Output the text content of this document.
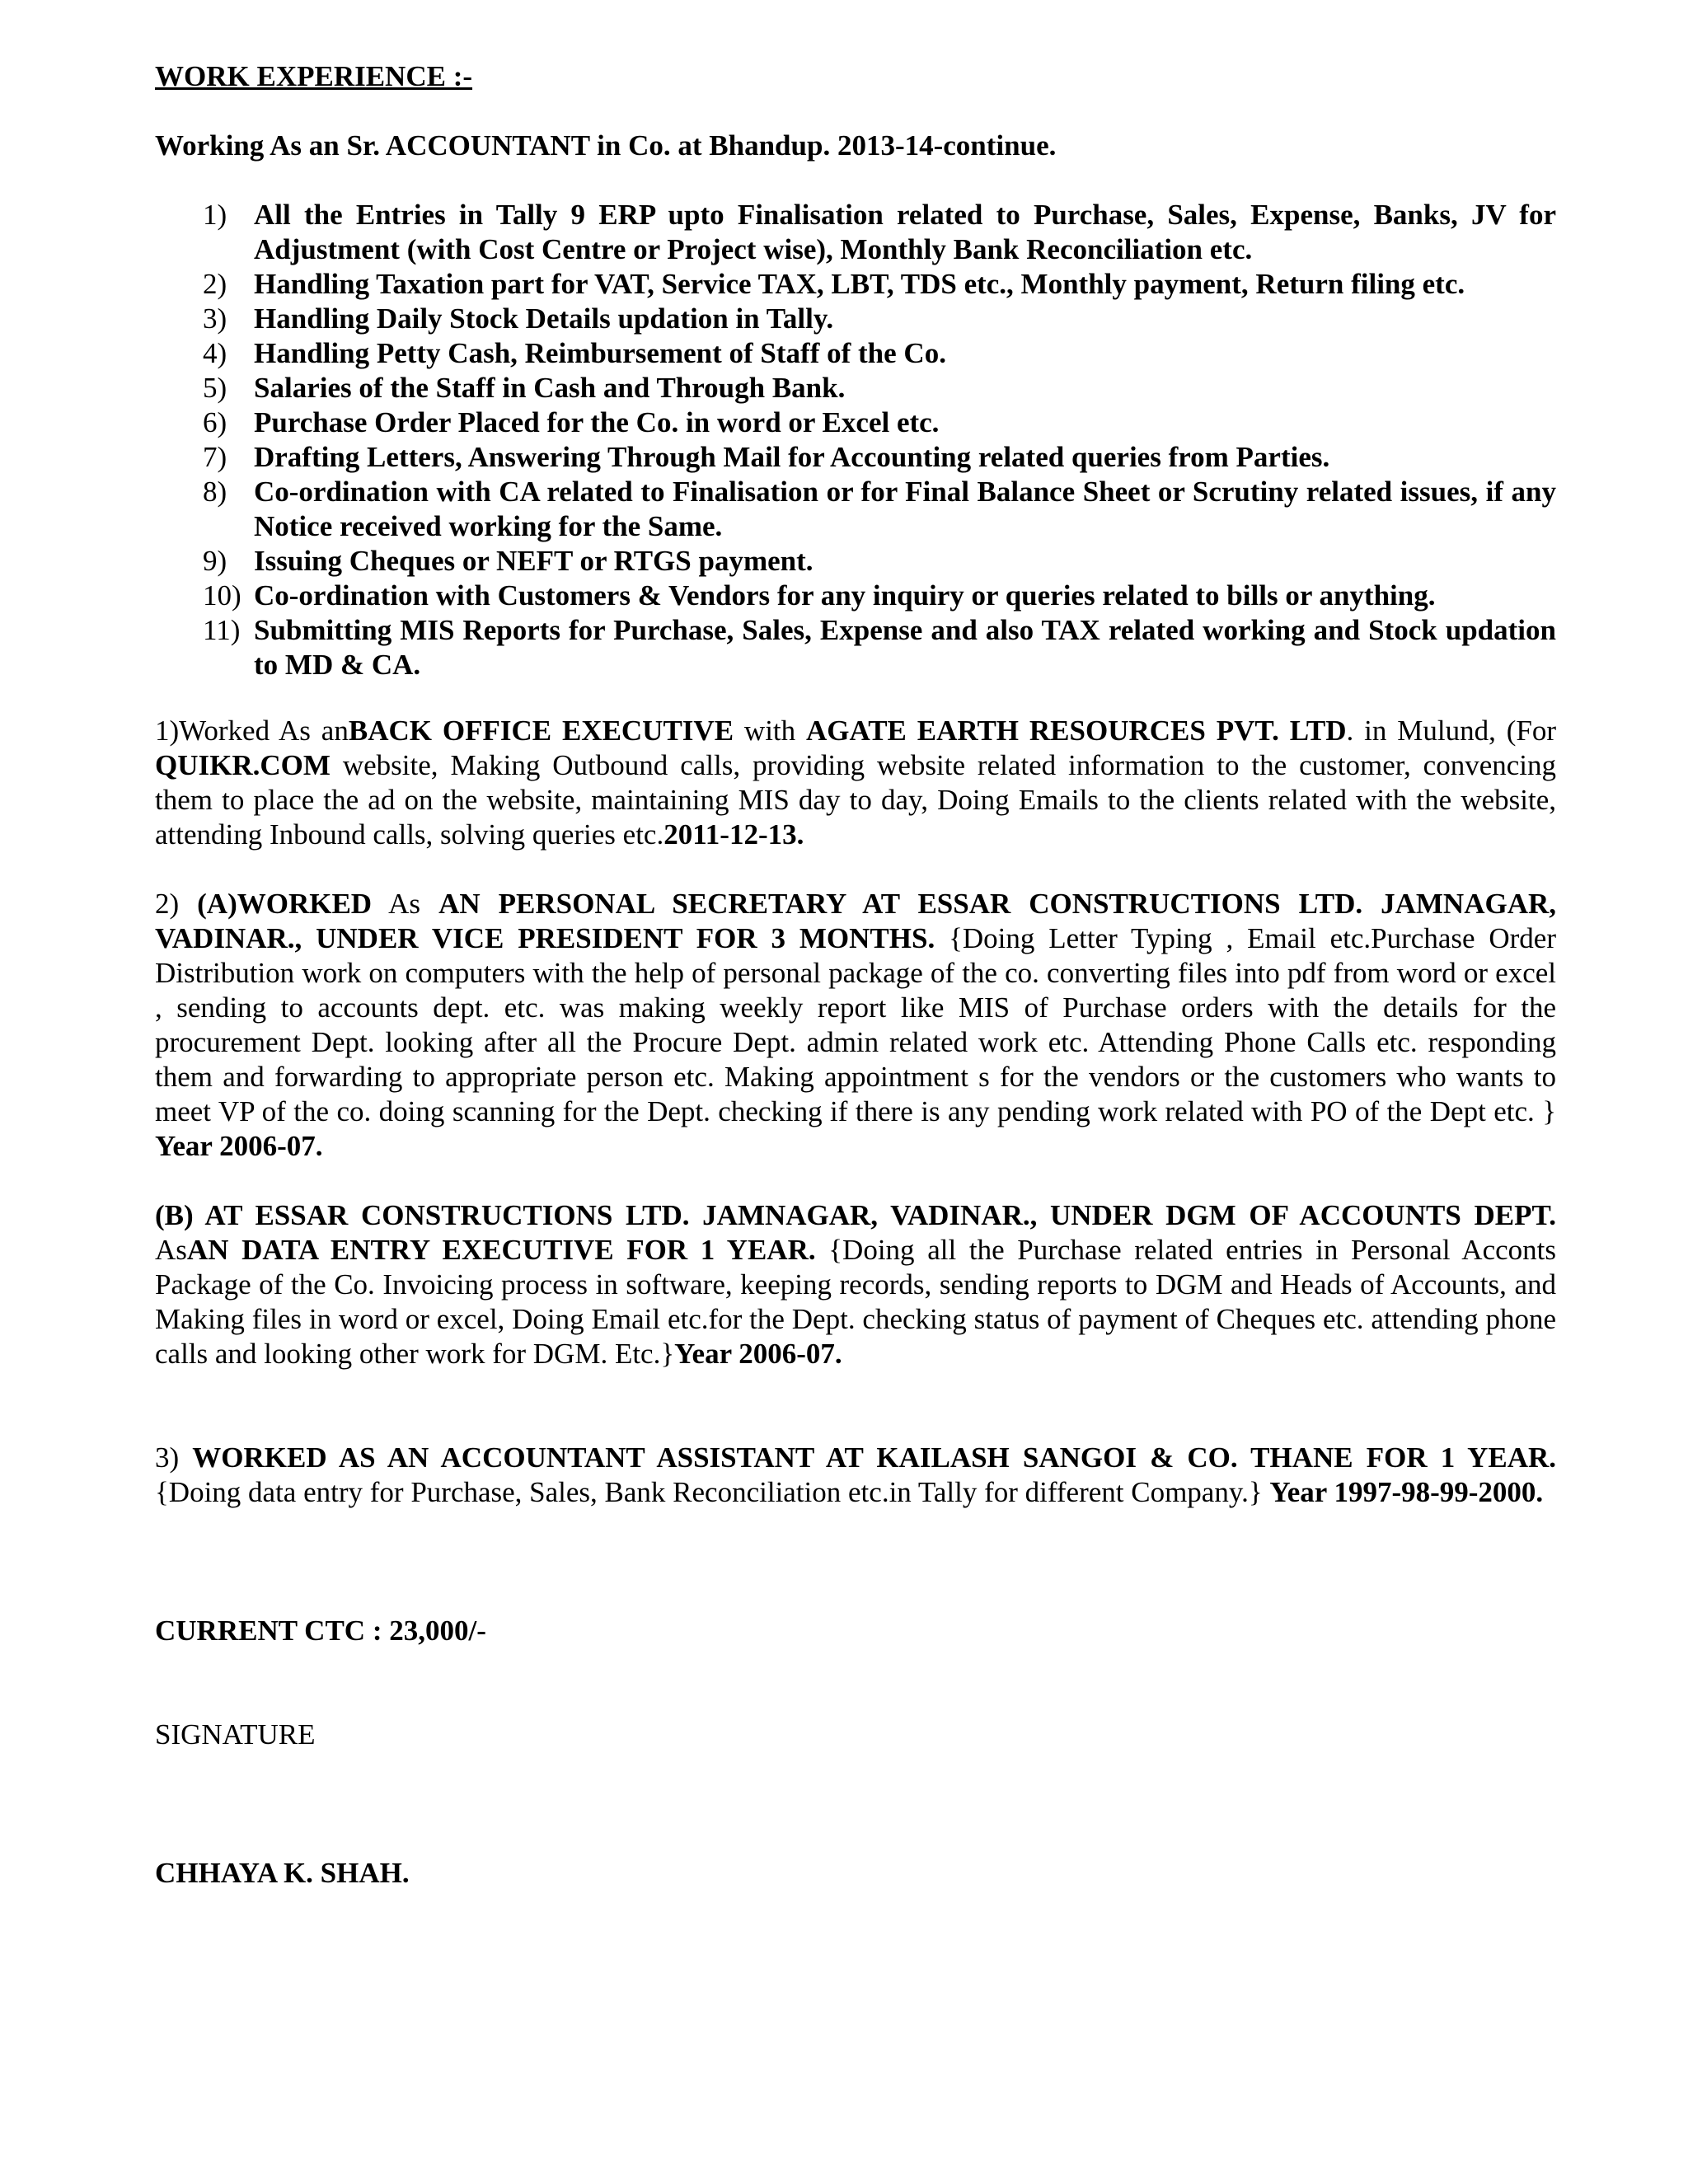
WORK EXPERIENCE :-
Working As an Sr. ACCOUNTANT in Co. at Bhandup. 2013-14-continue.
1) All the Entries in Tally 9 ERP upto Finalisation related to Purchase, Sales, Expense, Banks, JV for Adjustment (with Cost Centre or Project wise), Monthly Bank Reconciliation etc.
2) Handling Taxation part for VAT, Service TAX, LBT, TDS etc., Monthly payment, Return filing etc.
3) Handling Daily Stock Details updation in Tally.
4) Handling Petty Cash, Reimbursement of Staff of the Co.
5) Salaries of the Staff in Cash and Through Bank.
6) Purchase Order Placed for the Co. in word or Excel etc.
7) Drafting Letters, Answering Through Mail for Accounting related queries from Parties.
8) Co-ordination with CA related to Finalisation or for Final Balance Sheet or Scrutiny related issues, if any Notice received working for the Same.
9) Issuing Cheques or NEFT or RTGS payment.
10) Co-ordination with Customers & Vendors for any inquiry or queries related to bills or anything.
11) Submitting MIS Reports for Purchase, Sales, Expense and also TAX related working and Stock updation to MD & CA.

1)Worked As anBACK OFFICE EXECUTIVE with AGATE EARTH RESOURCES PVT. LTD. in Mulund, (For QUIKR.COM website, Making Outbound calls, providing website related information to the customer, convencing them to place the ad on the website, maintaining MIS day to day, Doing Emails to the clients related with the website, attending Inbound calls, solving queries etc.2011-12-13.

2) (A)WORKED As AN PERSONAL SECRETARY AT ESSAR CONSTRUCTIONS LTD. JAMNAGAR, VADINAR., UNDER VICE PRESIDENT FOR 3 MONTHS. {Doing Letter Typing , Email etc.Purchase Order Distribution work on computers with the help of personal package of the co. converting files into pdf from word or excel , sending to accounts dept. etc. was making weekly report like MIS of Purchase orders with the details for the procurement Dept. looking after all the Procure Dept. admin related work etc. Attending Phone Calls etc. responding them and forwarding to appropriate person etc. Making appointment s for the vendors or the customers who wants to meet VP of the co. doing scanning for the Dept. checking if there is any pending work related with PO of the Dept etc. } Year 2006-07.

(B) AT ESSAR CONSTRUCTIONS LTD. JAMNAGAR, VADINAR., UNDER DGM OF ACCOUNTS DEPT. AsAN DATA ENTRY EXECUTIVE FOR 1 YEAR. {Doing all the Purchase related entries in Personal Acconts Package of the Co. Invoicing process in software, keeping records, sending reports to DGM and Heads of Accounts, and Making files in word or excel, Doing Email etc.for the Dept. checking status of payment of Cheques etc. attending phone calls and looking other work for DGM. Etc.}Year 2006-07.

3) WORKED AS AN ACCOUNTANT ASSISTANT AT KAILASH SANGOI & CO. THANE FOR 1 YEAR. {Doing data entry for Purchase, Sales, Bank Reconciliation etc.in Tally for different Company.} Year 1997-98-99-2000.

CURRENT CTC : 23,000/-

SIGNATURE

CHHAYA K. SHAH.
